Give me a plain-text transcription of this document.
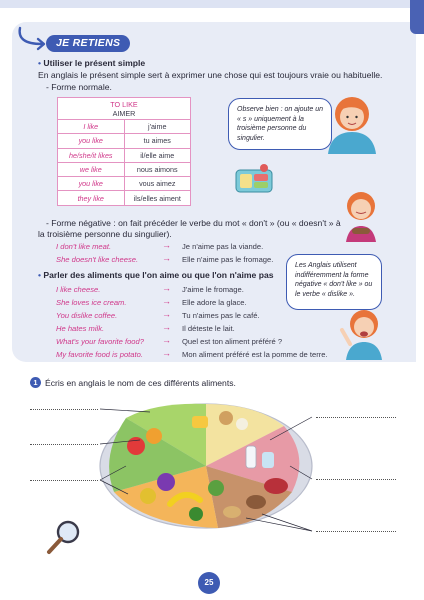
JE RETIENS
• Utiliser le présent simple
En anglais le présent simple sert à exprimer une chose qui est toujours vraie ou habituelle.
- Forme normale.
TO LIKE
AIMER	

I like	j'aime
you like	tu aimes
he/she/it likes	il/elle aime
we like	nous aimons
you like	vous aimez
they like	ils/elles aiment
Observe bien : on ajoute un « s » uniquement à la troisième personne du singulier.
- Forme négative : on fait précéder le verbe du mot « don't » (ou « doesn't » à
la troisième personne du singulier).
I don't like meat.	→ Je n'aime pas la viande.
She doesn't like cheese.	→ Elle n'aime pas le fromage.
• Parler des aliments que l'on aime ou que l'on n'aime pas
Les Anglais utilisent indifféremment la forme négative « don't like » ou le verbe « dislike ».
I like cheese.	→ J'aime le fromage.
She loves ice cream.	→ Elle adore la glace.
You dislike coffee.	→ Tu n'aimes pas le café.
He hates milk.	→ Il déteste le lait.
What's your favorite food? → Quel est ton aliment préféré ?
My favorite food is potato. → Mon aliment préféré est la pomme de terre.
1 Écris en anglais le nom de ces différents aliments.
25
